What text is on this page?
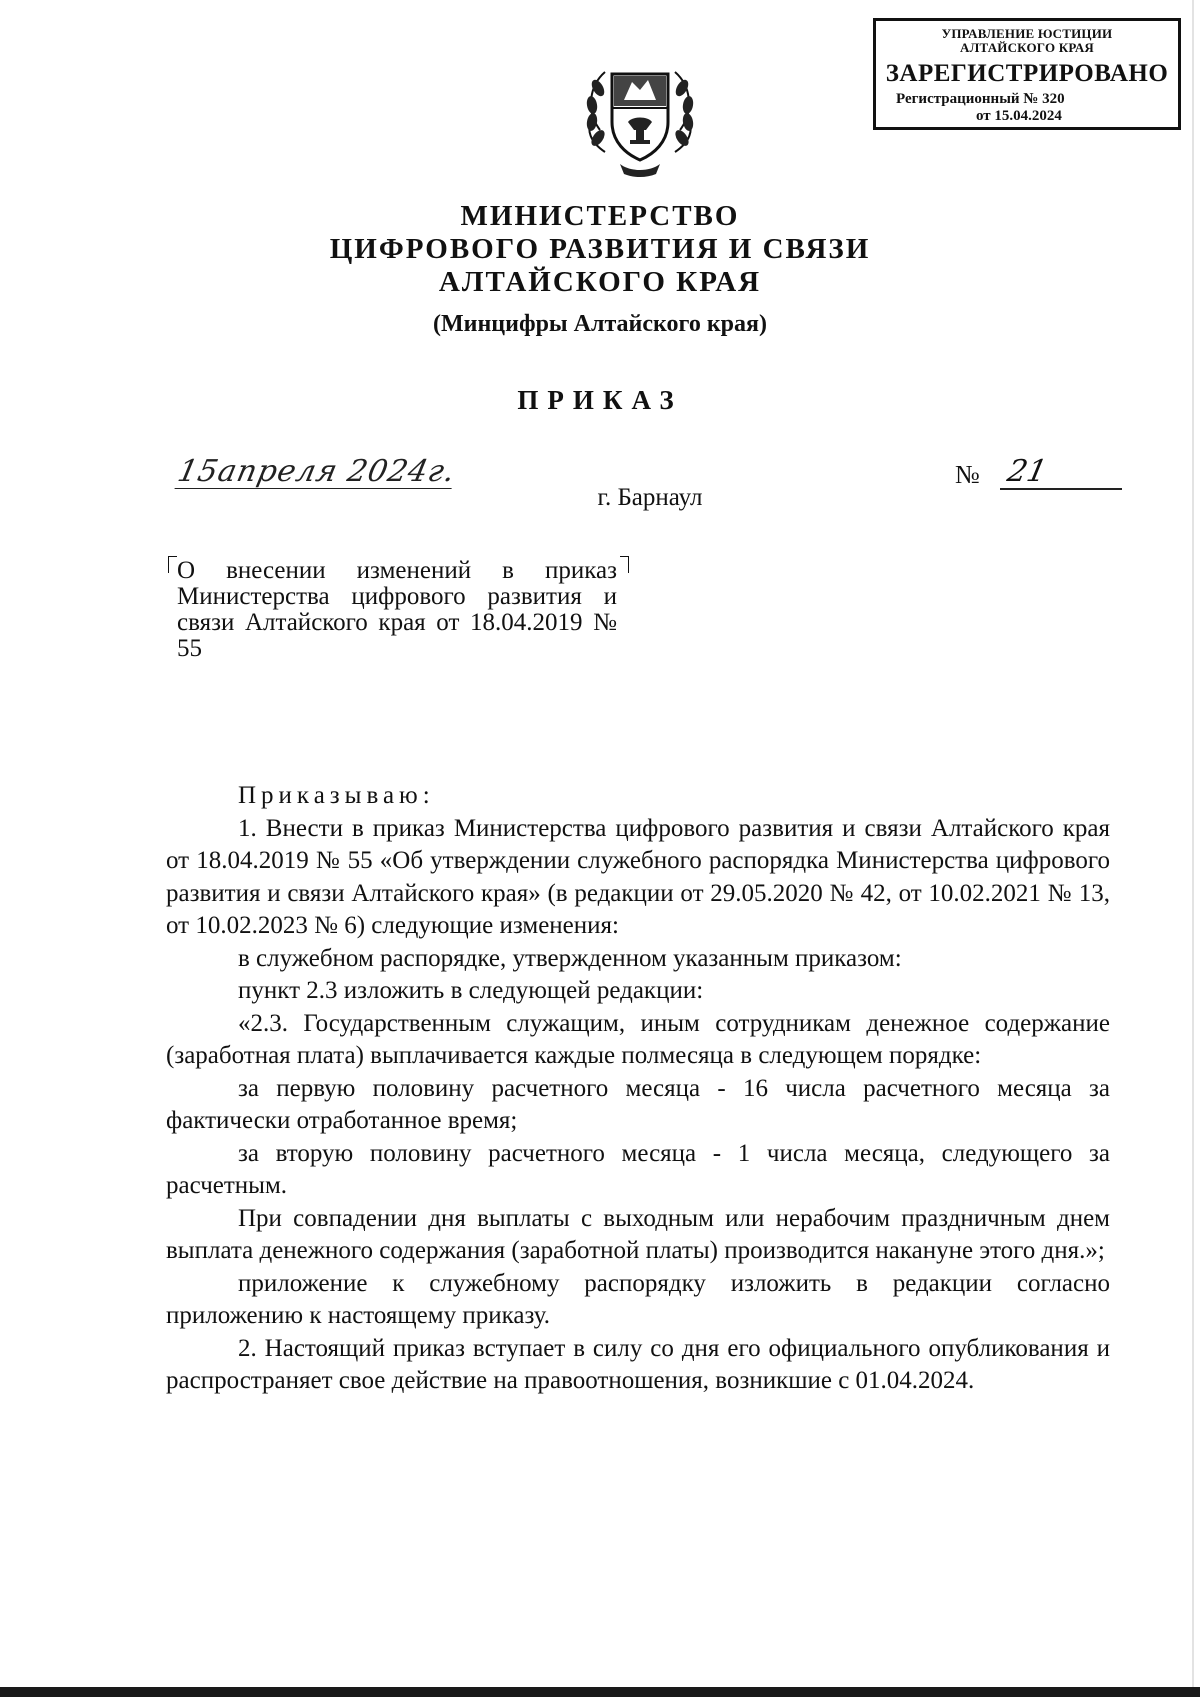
УПРАВЛЕНИЕ ЮСТИЦИИ
АЛТАЙСКОГО КРАЯ
ЗАРЕГИСТРИРОВАНО
Регистрационный № 320
от 15.04.2024
МИНИСТЕРСТВО
ЦИФРОВОГО РАЗВИТИЯ И СВЯЗИ
АЛТАЙСКОГО КРАЯ
(Минцифры Алтайского края)
ПРИКАЗ
15апреля 2024г.	№ 21
г. Барнаул

О внесении изменений в приказ Министерства цифрового развития и связи Алтайского края от 18.04.2019 № 55

Приказываю:

1. Внести в приказ Министерства цифрового развития и связи Алтайского края от 18.04.2019 № 55 «Об утверждении служебного распорядка Министерства цифрового развития и связи Алтайского края» (в редакции от 29.05.2020 № 42, от 10.02.2021 № 13, от 10.02.2023 № 6) следующие изменения:

в служебном распорядке, утвержденном указанным приказом:

пункт 2.3 изложить в следующей редакции:

«2.3. Государственным служащим, иным сотрудникам денежное содержание (заработная плата) выплачивается каждые полмесяца в следующем порядке:

за первую половину расчетного месяца - 16 числа расчетного месяца за фактически отработанное время;

за вторую половину расчетного месяца - 1 числа месяца, следующего за расчетным.

При совпадении дня выплаты с выходным или нерабочим праздничным днем выплата денежного содержания (заработной платы) производится накануне этого дня.»;

приложение к служебному распорядку изложить в редакции согласно приложению к настоящему приказу.

2. Настоящий приказ вступает в силу со дня его официального опубликования и распространяет свое действие на правоотношения, возникшие с 01.04.2024.
